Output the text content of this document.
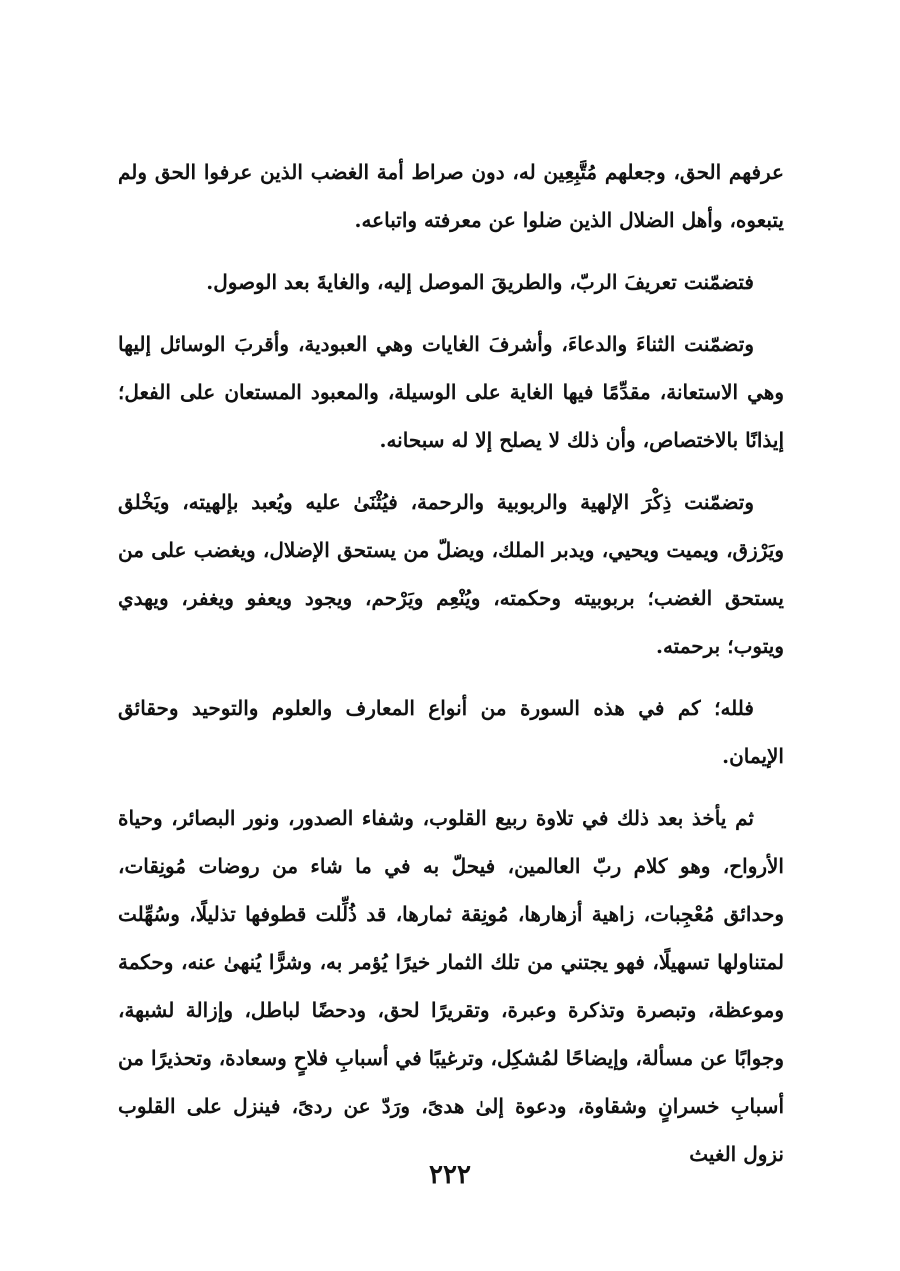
عرفهم الحق، وجعلهم مُتَّبِعِين له، دون صراط أمة الغضب الذين عرفوا الحق ولم يتبعوه، وأهل الضلال الذين ضلوا عن معرفته واتباعه.

فتضمّنت تعريفَ الربّ، والطريقَ الموصل إليه، والغايةَ بعد الوصول.

وتضمّنت الثناءَ والدعاءَ، وأشرفَ الغايات وهي العبودية، وأقربَ الوسائل إليها وهي الاستعانة، مقدِّمًا فيها الغاية على الوسيلة، والمعبود المستعان على الفعل؛ إيذانًا بالاختصاص، وأن ذلك لا يصلح إلا له سبحانه.

وتضمّنت ذِكْرَ الإلهية والربوبية والرحمة، فيُثْنَىٰ عليه ويُعبد بإلهيته، ويَخْلق ويَرْزق، ويميت ويحيي، ويدبر الملك، ويضلّ من يستحق الإضلال، ويغضب على من يستحق الغضب؛ بربوبيته وحكمته، ويُنْعِم ويَرْحم، ويجود ويعفو ويغفر، ويهدي ويتوب؛ برحمته.

فلله؛ كم في هذه السورة من أنواع المعارف والعلوم والتوحيد وحقائق الإيمان.

ثم يأخذ بعد ذلك في تلاوة ربيع القلوب، وشفاء الصدور، ونور البصائر، وحياة الأرواح، وهو كلام ربّ العالمين، فيحلّ به في ما شاء من روضات مُونِقات، وحدائق مُعْجِبات، زاهية أزهارها، مُونِقة ثمارها، قد ذُلِّلت قطوفها تذليلًا، وسُهِّلت لمتناولها تسهيلًا، فهو يجتني من تلك الثمار خيرًا يُؤمر به، وشرًّا يُنهىٰ عنه، وحكمة وموعظة، وتبصرة وتذكرة وعبرة، وتقريرًا لحق، ودحضًا لباطل، وإزالة لشبهة، وجوابًا عن مسألة، وإيضاحًا لمُشكِل، وترغيبًا في أسبابِ فلاحٍ وسعادة، وتحذيرًا من أسبابِ خسرانٍ وشقاوة، ودعوة إلىٰ هدىً، ورَدّ عن ردىً، فينزل على القلوب نزول الغيث

٢٢٢
